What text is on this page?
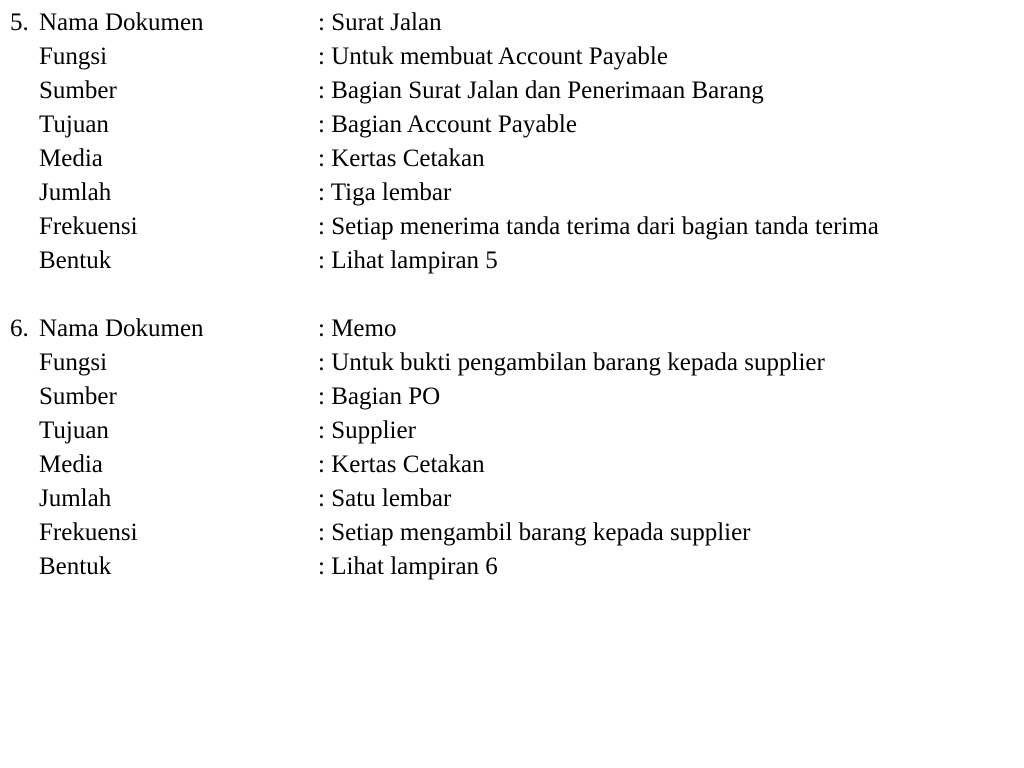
5. Nama Dokumen	: Surat Jalan
Fungsi	: Untuk membuat Account Payable
Sumber	: Bagian Surat Jalan dan Penerimaan Barang
Tujuan	: Bagian Account Payable
Media	: Kertas Cetakan
Jumlah	: Tiga lembar
Frekuensi	: Setiap menerima tanda terima dari bagian tanda terima
Bentuk	: Lihat lampiran 5
6. Nama Dokumen	: Memo
Fungsi	: Untuk bukti pengambilan barang kepada supplier
Sumber	: Bagian PO
Tujuan	: Supplier
Media	: Kertas Cetakan
Jumlah	: Satu lembar
Frekuensi	: Setiap mengambil barang kepada supplier
Bentuk	: Lihat lampiran 6
